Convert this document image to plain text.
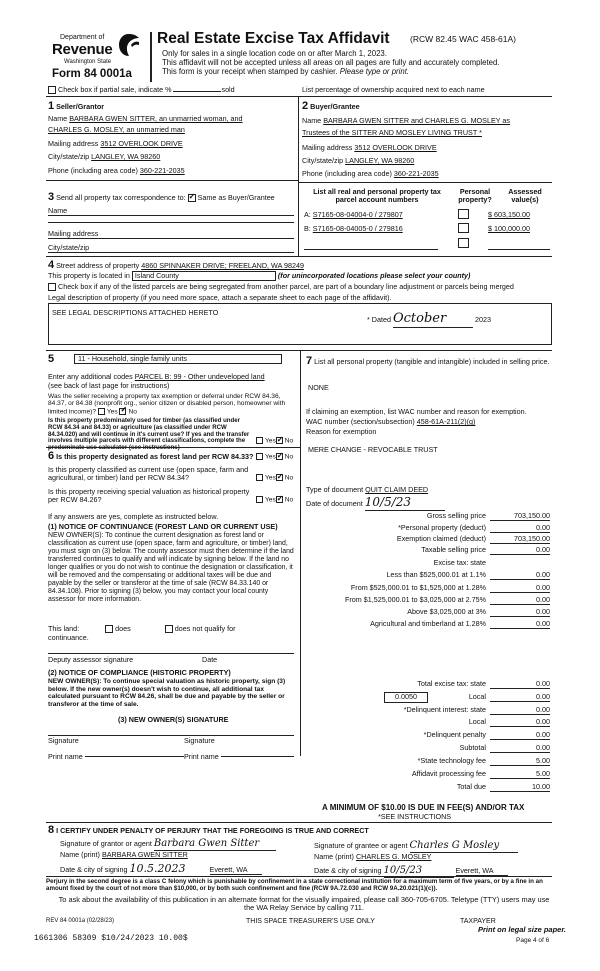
Department of
Revenue
Washington State
Form 84 0001a
Real Estate Excise Tax Affidavit (RCW 82.45 WAC 458-61A)
Only for sales in a single location code on or after March 1, 2023.
This affidavit will not be accepted unless all areas on all pages are fully and accurately completed.
This form is your receipt when stamped by cashier. Please type or print.
Check box if partial sale, indicate %	sold	List percentage of ownership acquired next to each name
1 Seller/Grantor
Name BARBARA GWEN SITTER, an unmarried woman, and
CHARLES G. MOSLEY, an unmarried man
Mailing address 3512 OVERLOOK DRIVE
City/state/zip LANGLEY, WA 98260
Phone (including area code) 360-221-2035
2 Buyer/Grantee
Name BARBARA GWEN SITTER and CHARLES G. MOSLEY as
Trustees of the SITTER AND MOSLEY LIVING TRUST *
Mailing address 3512 OVERLOOK DRIVE
City/state/zip LANGLEY, WA 98260
Phone (including area code) 360-221-2035
3 Send all property tax correspondence to: ✓ Same as Buyer/Grantee
Name
Mailing address
City/state/zip
List all real and personal property tax
parcel account numbers
Personal
property?
Assessed
value(s)
A: S7165-08-04004-0 / 279807	$ 603,150.00
B: S7165-08-04005-0 / 279816	$ 100,000.00
4 Street address of property 4860 SPINNAKER DRIVE; FREELAND, WA 98249
This property is located in Island County	(for unincorporated locations please select your county)
Check box if any of the listed parcels are being segregated from another parcel, are part of a boundary line adjustment or parcels being merged
Legal description of property (if you need more space, attach a separate sheet to each page of the affidavit).
SEE LEGAL DESCRIPTIONS ATTACHED HERETO
* Dated October	2023
5	11 - Household, single family units
Enter any additional codes PARCEL B: 99 - Other undeveloped land
(see back of last page for instructions)
Was the seller receiving a property tax exemption or deferral under RCW 84.36, 84.37, or 84.38 (nonprofit org., senior citizen or disabled person, homeowner with limited income)? Yes ✓ No
Is this property predominately used for timber (as classified under RCW 84.34 and 84.33) or agriculture (as classified under RCW 84.34.020) and will continue in it's current use? If yes and the transfer involves multiple parcels with different classifications, complete the predominate use calculator (see instructions)
Yes ✓ No
6 Is this property designated as forest land per RCW 84.33?	Yes ✓ No
Is this property classified as current use (open space, farm and agricultural, or timber) land per RCW 84.34?	Yes ✓ No
Is this property receiving special valuation as historical property per RCW 84.26?	Yes ✓ No
If any answers are yes, complete as instructed below.
(1) NOTICE OF CONTINUANCE (FOREST LAND OR CURRENT USE)
NEW OWNER(S): To continue the current designation as forest land or classification as current use (open space, farm and agriculture, or timber) land, you must sign on (3) below. The county assessor must then determine if the land transferred continues to qualify and will indicate by signing below. If the land no longer qualifies or you do not wish to continue the designation or classification, it will be removed and the compensating or additional taxes will be due and payable by the seller or transferor at the time of sale (RCW 84.33.140 or 84.34.108). Prior to signing (3) below, you may contact your local county assessor for more information.
This land:	does	does not qualify for
continuance.
Deputy assessor signature	Date
(2) NOTICE OF COMPLIANCE (HISTORIC PROPERTY)
NEW OWNER(S): To continue special valuation as historic property, sign (3) below. If the new owner(s) doesn't wish to continue, all additional tax calculated pursuant to RCW 84.26, shall be due and payable by the seller or transferor at the time of sale.
(3) NEW OWNER(S) SIGNATURE
Signature	Signature
Print name	Print name
7 List all personal property (tangible and intangible) included in selling price.
NONE
If claiming an exemption, list WAC number and reason for exemption.
WAC number (section/subsection) 458-61A-211(2)(g)
Reason for exemption
MERE CHANGE - REVOCABLE TRUST
Type of document QUIT CLAIM DEED
Date of document 10/5/23
Gross selling price	703,150.00
*Personal property (deduct)	0.00
Exemption claimed (deduct)	703,150.00
Taxable selling price	0.00
Excise tax: state
Less than $525,000.01 at 1.1%	0.00
From $525,000.01 to $1,525,000 at 1.28%	0.00
From $1,525,000.01 to $3,025,000 at 2.75%	0.00
Above $3,025,000 at 3%	0.00
Agricultural and timberland at 1.28%	0.00
Total excise tax: state	0.00
Local	0.00
*Delinquent interest: state	0.00
Local	0.00
*Delinquent penalty	0.00
Subtotal	0.00
*State technology fee	5.00
Affidavit processing fee	5.00
Total due	10.00
0.0050
A MINIMUM OF $10.00 IS DUE IN FEE(S) AND/OR TAX
*SEE INSTRUCTIONS
8 I CERTIFY UNDER PENALTY OF PERJURY THAT THE FOREGOING IS TRUE AND CORRECT
Signature of grantor or agent Barbara Gwen Sitter
Name (print) BARBARA GWEN SITTER
Date & city of signing 10.5.2023	Everett, WA
Signature of grantee or agent Charles G Mosley
Name (print) CHARLES G. MOSLEY
Date & city of signing 10/5/23	Everett, WA
Perjury in the second degree is a class C felony which is punishable by confinement in a state correctional institution for a maximum term of five years, or by a fine in an amount fixed by the court of not more than $10,000, or by both such confinement and fine (RCW 9A.72.030 and RCW 9A.20.021(1)(c)).
To ask about the availability of this publication in an alternate format for the visually impaired, please call 360-705-6705. Teletype (TTY) users may use the WA Relay Service by calling 711.
REV 84 0001a (02/28/23)	THIS SPACE TREASURER'S USE ONLY	TAXPAYER
1661306 58309 $10/24/2023 10.00$
Print on legal size paper.
Page 4 of 6
